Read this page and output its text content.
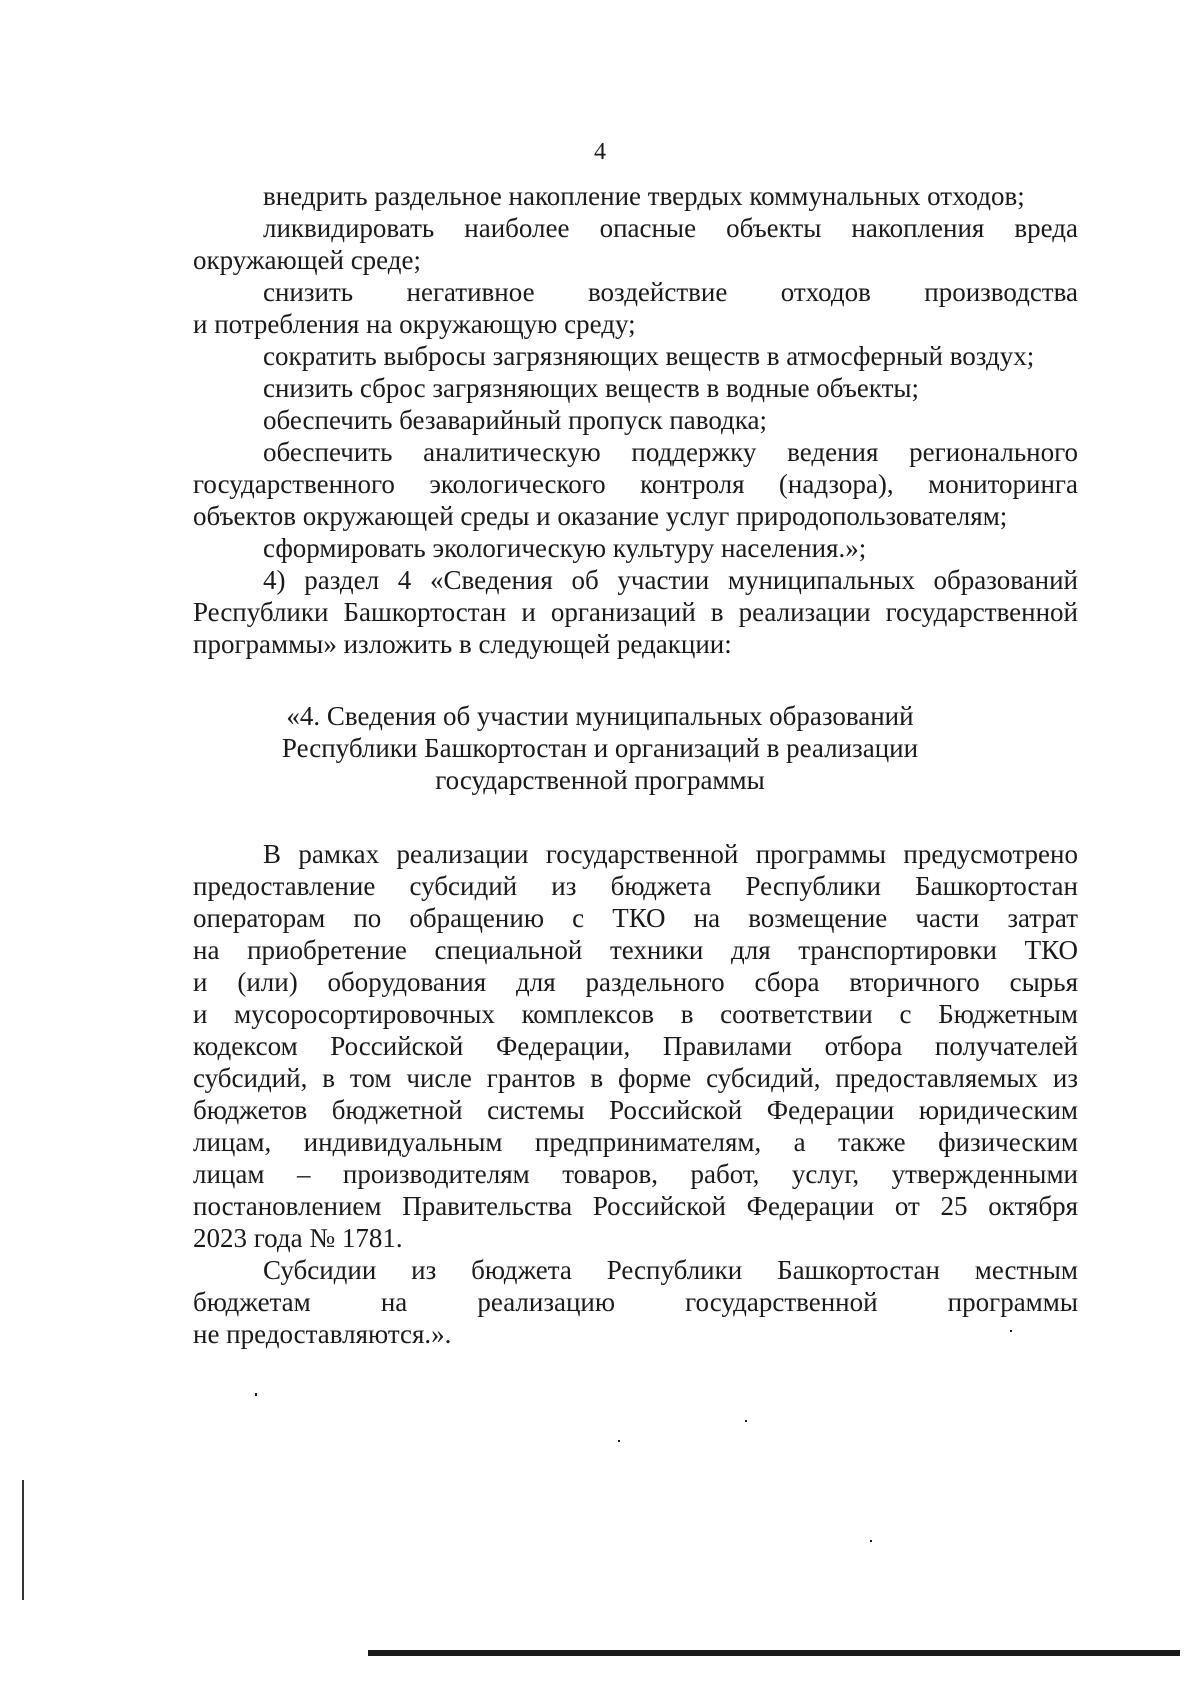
4
внедрить раздельное накопление твердых коммунальных отходов;
ликвидировать наиболее опасные объекты накопления вреда
окружающей среде;
снизить негативное воздействие отходов производства
и потребления на окружающую среду;
сократить выбросы загрязняющих веществ в атмосферный воздух;
снизить сброс загрязняющих веществ в водные объекты;
обеспечить безаварийный пропуск паводка;
обеспечить аналитическую поддержку ведения регионального
государственного экологического контроля (надзора), мониторинга
объектов окружающей среды и оказание услуг природопользователям;
сформировать экологическую культуру населения.»;
4) раздел 4 «Сведения об участии муниципальных образований
Республики Башкортостан и организаций в реализации государственной
программы» изложить в следующей редакции:
«4. Сведения об участии муниципальных образований
Республики Башкортостан и организаций в реализации
государственной программы
В рамках реализации государственной программы предусмотрено
предоставление субсидий из бюджета Республики Башкортостан
операторам по обращению с ТКО на возмещение части затрат
на приобретение специальной техники для транспортировки ТКО
и (или) оборудования для раздельного сбора вторичного сырья
и мусоросортировочных комплексов в соответствии с Бюджетным
кодексом Российской Федерации, Правилами отбора получателей
субсидий, в том числе грантов в форме субсидий, предоставляемых из
бюджетов бюджетной системы Российской Федерации юридическим
лицам, индивидуальным предпринимателям, а также физическим
лицам – производителям товаров, работ, услуг, утвержденными
постановлением Правительства Российской Федерации от 25 октября
2023 года № 1781.
Субсидии из бюджета Республики Башкортостан местным
бюджетам на реализацию государственной программы
не предоставляются.».
